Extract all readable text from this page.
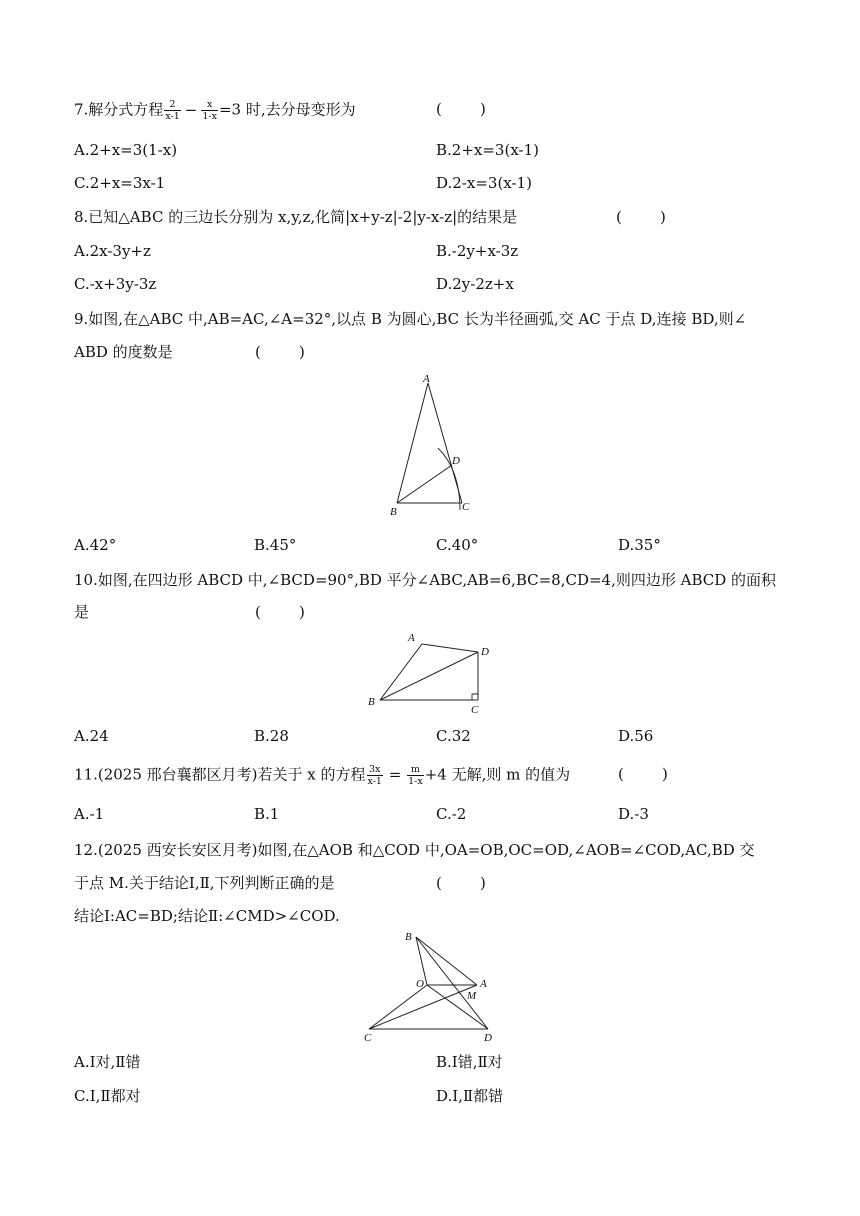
7.解分式方程 $\frac{2}{x-1} - \frac{x}{1-x} =3$ 时,去分母变形为	(        )
A.2+x=3(1-x)	B.2+x=3(x-1)
C.2+x=3x-1	D.2-x=3(x-1)
8.已知△ABC 的三边长分别为 x,y,z,化简|x+y-z|-2|y-x-z|的结果是	(        )
A.2x-3y+z	B.-2y+x-3z
C.-x+3y-3z	D.2y-2z+x
9.如图,在△ABC 中,AB=AC,∠A=32°,以点 B 为圆心,BC 长为半径画弧,交 AC 于点 D,连接 BD,则∠
ABD 的度数是	(        )
A
B	C
D
A.42°	B.45°	C.40°	D.35°
10.如图,在四边形 ABCD 中,∠BCD=90°,BD 平分∠ABC,AB=6,BC=8,CD=4,则四边形 ABCD 的面积
是	(        )
A
B
C
D
A.24	B.28	C.32	D.56
11.(2025 邢台襄都区月考)若关于 x 的方程 $\frac{3x}{x-1} = \frac{m}{1-x} +4$ 无解,则 m 的值为	(        )
A.-1	B.1	C.-2	D.-3
12.(2025 西安长安区月考)如图,在△AOB 和△COD 中,OA=OB,OC=OD,∠AOB=∠COD,AC,BD 交
于点 M.关于结论Ⅰ,Ⅱ,下列判断正确的是	(        )
结论Ⅰ:AC=BD;结论Ⅱ:∠CMD>∠COD.
B
O	A
M
C	D
A.Ⅰ对,Ⅱ错	B.Ⅰ错,Ⅱ对
C.Ⅰ,Ⅱ都对	D.Ⅰ,Ⅱ都错
